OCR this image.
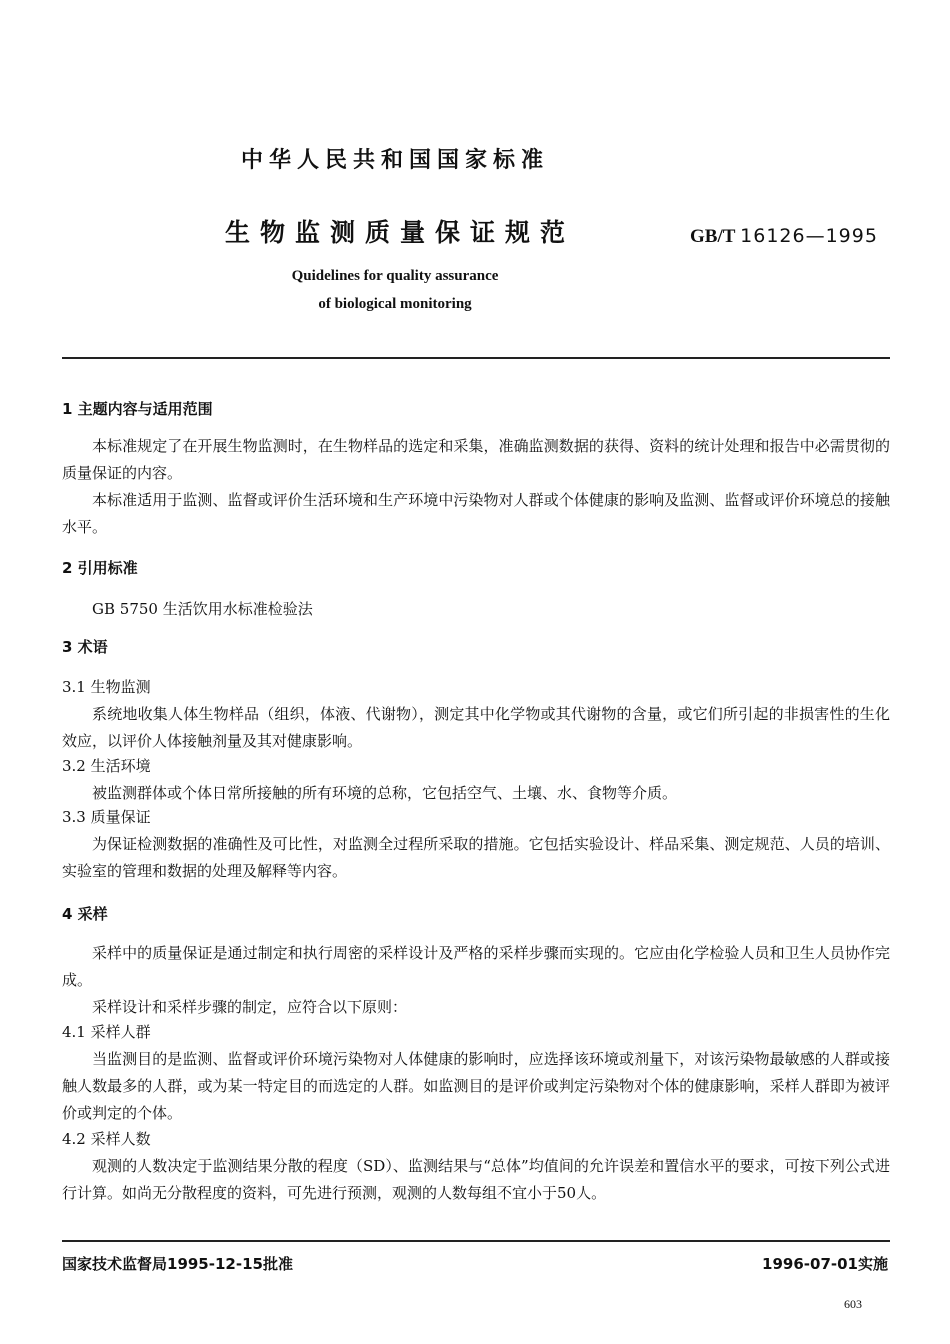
中华人民共和国国家标准
生物监测质量保证规范	GB/T 16126—1995
Quidelines for quality assurance
of biological monitoring
1 主题内容与适用范围
本标准规定了在开展生物监测时，在生物样品的选定和采集，准确监测数据的获得、资料的统计处理和报告中必需贯彻的质量保证的内容。
本标准适用于监测、监督或评价生活环境和生产环境中污染物对人群或个体健康的影响及监测、监督或评价环境总的接触水平。
2 引用标准
GB 5750 生活饮用水标准检验法
3 术语
3.1 生物监测
系统地收集人体生物样品（组织，体液、代谢物），测定其中化学物或其代谢物的含量，或它们所引起的非损害性的生化效应，以评价人体接触剂量及其对健康影响。
3.2 生活环境
被监测群体或个体日常所接触的所有环境的总称，它包括空气、土壤、水、食物等介质。
3.3 质量保证
为保证检测数据的准确性及可比性，对监测全过程所采取的措施。它包括实验设计、样品采集、测定规范、人员的培训、实验室的管理和数据的处理及解释等内容。
4 采样
采样中的质量保证是通过制定和执行周密的采样设计及严格的采样步骤而实现的。它应由化学检验人员和卫生人员协作完成。
采样设计和采样步骤的制定，应符合以下原则：
4.1 采样人群
当监测目的是监测、监督或评价环境污染物对人体健康的影响时，应选择该环境或剂量下，对该污染物最敏感的人群或接触人数最多的人群，或为某一特定目的而选定的人群。如监测目的是评价或判定污染物对个体的健康影响，采样人群即为被评价或判定的个体。
4.2 采样人数
观测的人数决定于监测结果分散的程度（SD）、监测结果与“总体”均值间的允许误差和置信水平的要求，可按下列公式进行计算。如尚无分散程度的资料，可先进行预测，观测的人数每组不宜小于50人。
国家技术监督局1995-12-15批准	1996-07-01实施
603
